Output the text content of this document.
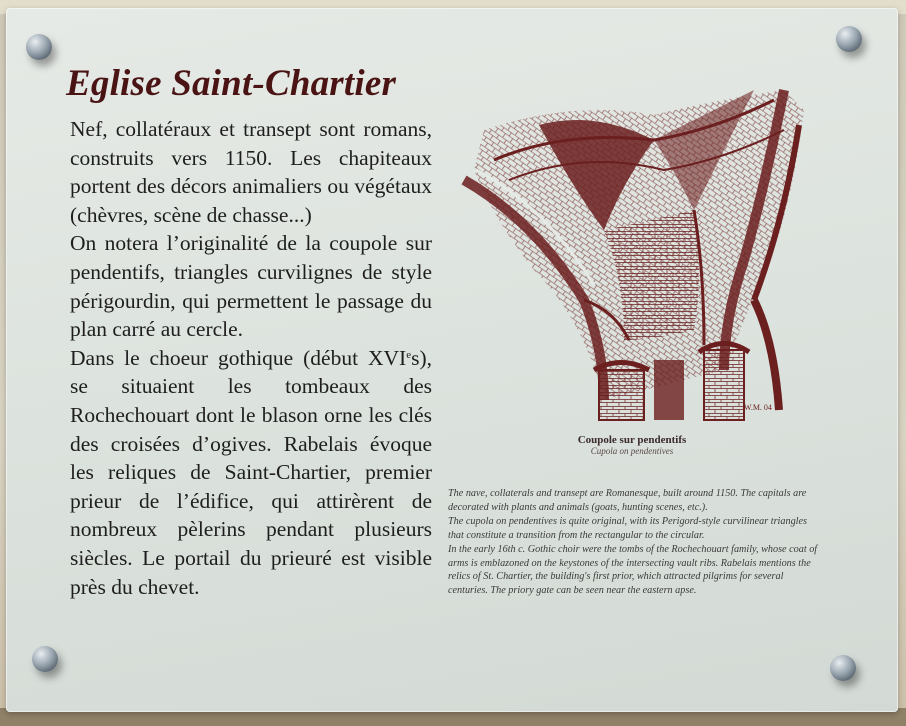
Eglise Saint-Chartier

Nef, collatéraux et transept sont romans, construits vers 1150. Les chapiteaux portent des décors animaliers ou végétaux (chèvres, scène de chasse...)

On notera l’originalité de la coupole sur pendentifs, triangles curvilignes de style périgourdin, qui permettent le passage du plan carré au cercle.

Dans le choeur gothique (début XVIes), se situaient les tombeaux des Rochechouart dont le blason orne les clés des croisées d’ogives. Rabelais évoque les reliques de Saint-Chartier, premier prieur de l’édifice, qui attirèrent de nombreux pèlerins pendant plusieurs siècles. Le portail du prieuré est visible près du chevet.

W.M. 04
Coupole sur pendentifs
Cupola on pendentives

The nave, collaterals and transept are Romanesque, built around 1150. The capitals are decorated with plants and animals (goats, hunting scenes, etc.).

The cupola on pendentives is quite original, with its Perigord-style curvilinear triangles that constitute a transition from the rectangular to the circular.

In the early 16th c. Gothic choir were the tombs of the Rochechouart family, whose coat of arms is emblazoned on the keystones of the intersecting vault ribs. Rabelais mentions the relics of St. Chartier, the building's first prior, which attracted pilgrims for several centuries. The priory gate can be seen near the eastern apse.
